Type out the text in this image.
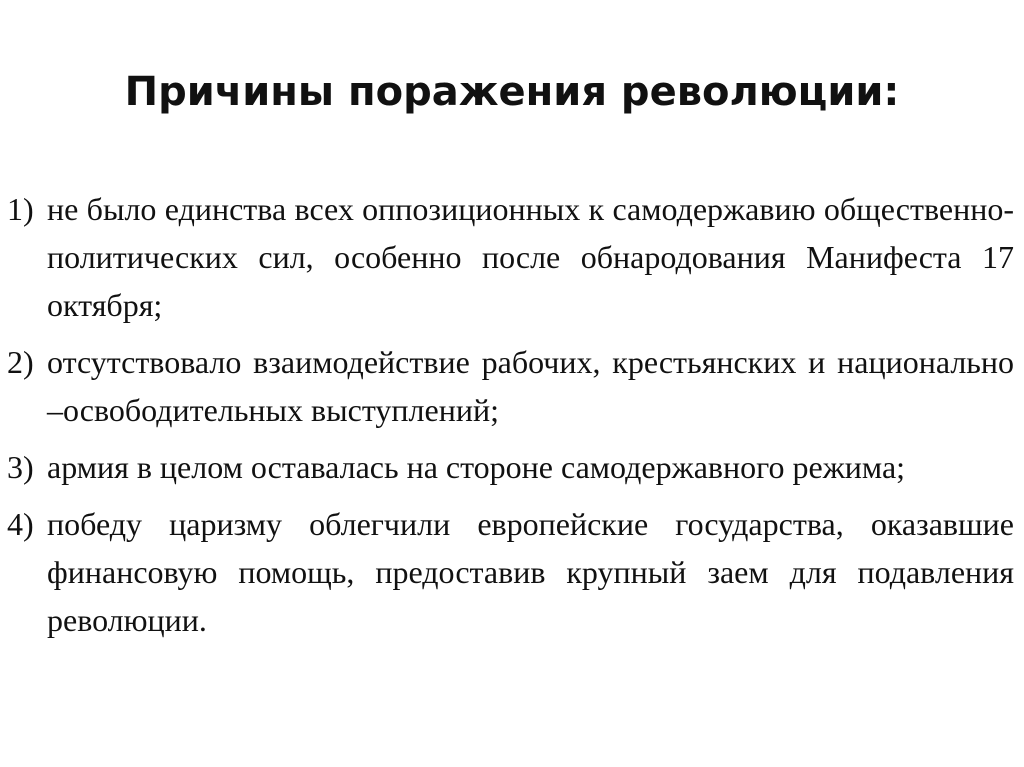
Причины поражения революции:
1) не было единства всех оппозиционных к самодержавию общественно-политических сил, особенно после обнародования Манифеста 17 октября;
2) отсутствовало взаимодействие рабочих, крестьянских и национально –освободительных выступлений;
3) армия в целом оставалась на стороне самодержавного режима;
4) победу царизму облегчили европейские государства, оказавшие финансовую помощь, предоставив крупный заем для подавления революции.
